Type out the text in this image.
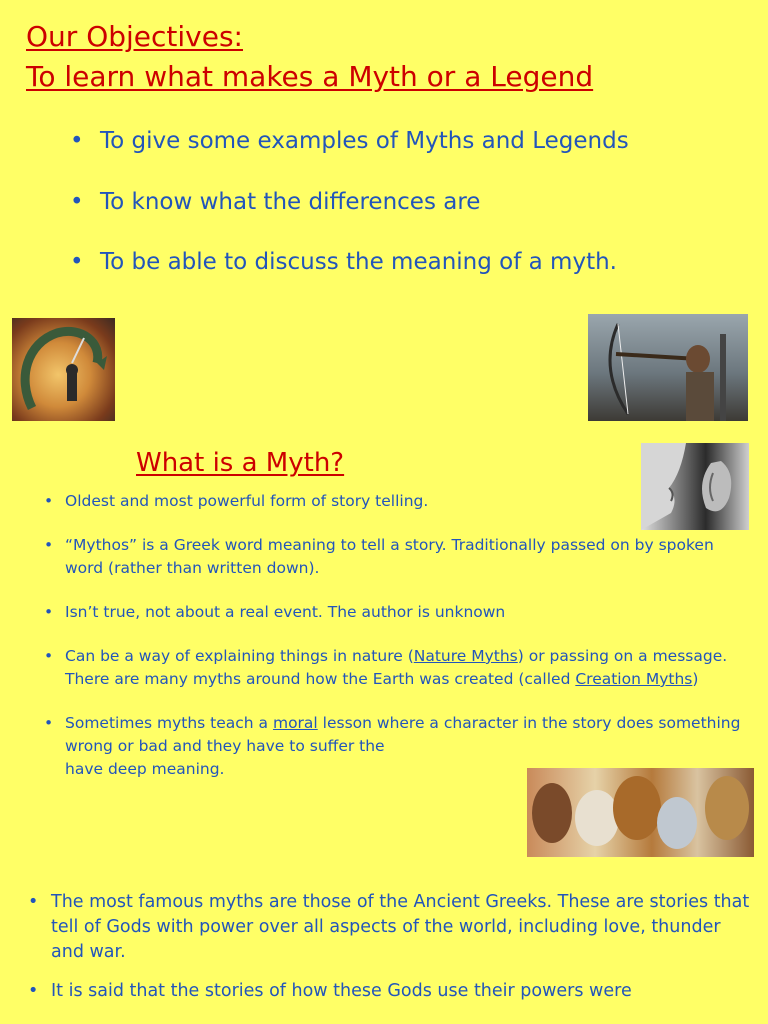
Our Objectives:
To learn what makes a Myth or a Legend
• To give some examples of Myths and Legends
• To know what the differences are
• To be able to discuss the meaning of a myth.
What is a Myth?
• Oldest and most powerful form of story telling.
• “Mythos” is a Greek word meaning to tell a story. Traditionally passed on by spoken word (rather than written down).
• Isn’t true, not about a real event. The author is unknown
• Can be a way of explaining things in nature (Nature Myths) or passing on a message. There are many myths around how the Earth was created (called Creation Myths)
• Sometimes myths teach a moral lesson where a character in the story does something wrong or bad and they have to suffer the
have deep meaning.
• The most famous myths are those of the Ancient Greeks. These are stories that tell of Gods with power over all aspects of the world, including love, thunder and war.
• It is said that the stories of how these Gods use their powers were
